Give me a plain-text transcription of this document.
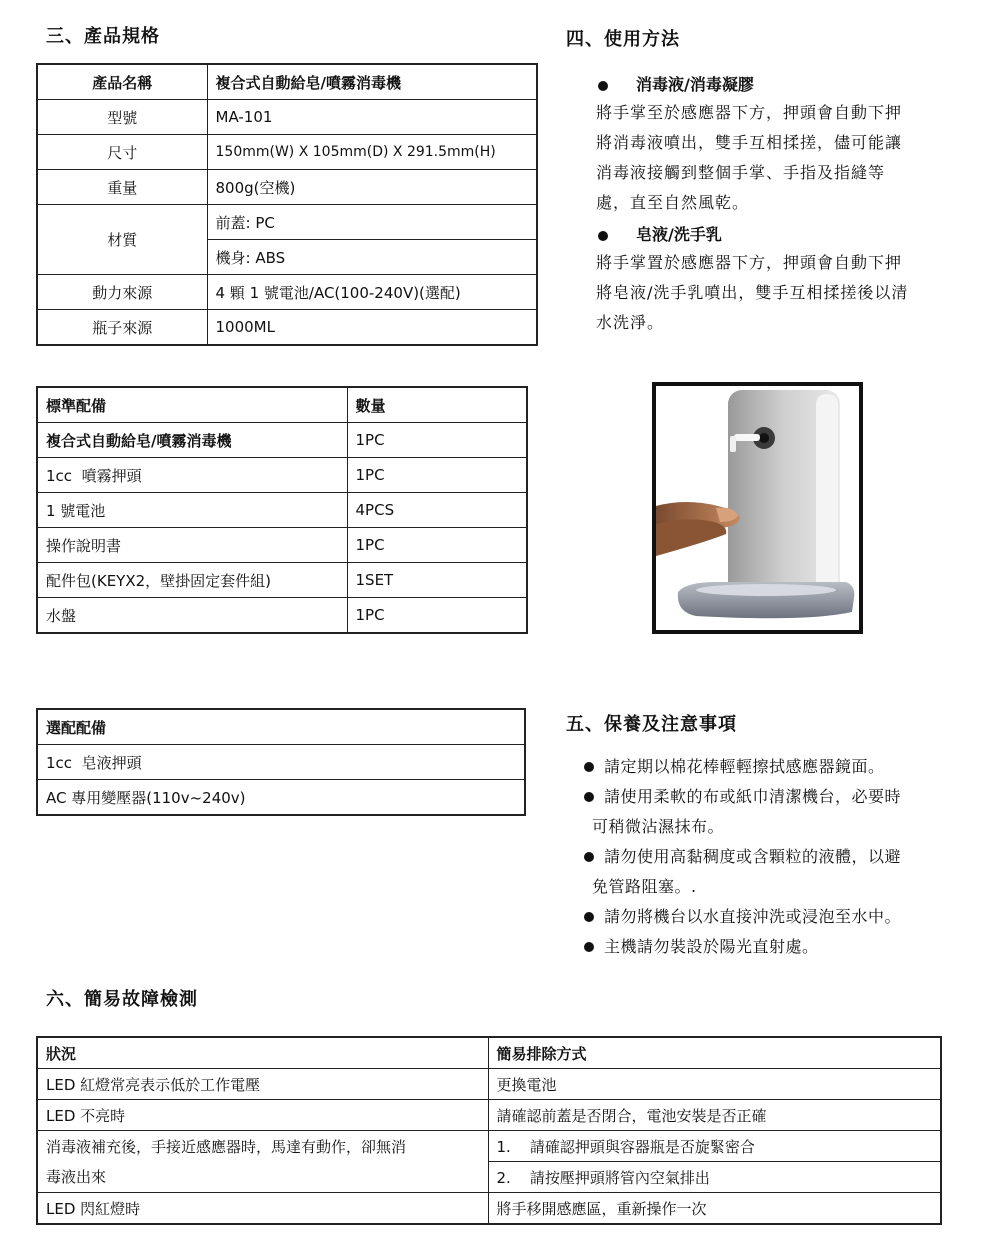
三、產品規格
產品名稱	複合式自動給皂/噴霧消毒機
型號	MA-101
尺寸	150mm(W) X 105mm(D) X 291.5mm(H)
重量	800g(空機)
材質	前蓋: PC
	機身: ABS
動力來源	4 顆 1 號電池/AC(100-240V)(選配)
瓶子來源	1000ML
標準配備	數量
複合式自動給皂/噴霧消毒機	1PC
1cc  噴霧押頭	1PC
1 號電池	4PCS
操作說明書	1PC
配件包(KEYX2，壁掛固定套件組)	1SET
水盤	1PC
選配配備
1cc  皂液押頭
AC 專用變壓器(110v~240v)
四、使用方法
消毒液/消毒凝膠

將手掌至於感應器下方，押頭會自動下押
將消毒液噴出，雙手互相揉搓，儘可能讓
消毒液接觸到整個手掌、手指及指縫等
處，直至自然風乾。

皂液/洗手乳

將手掌置於感應器下方，押頭會自動下押
將皂液/洗手乳噴出，雙手互相揉搓後以清
水洗淨。

五、保養及注意事項
請定期以棉花棒輕輕擦拭感應器鏡面。
請使用柔軟的布或紙巾清潔機台，必要時
可稍微沾濕抹布。
請勿使用高黏稠度或含顆粒的液體，以避
免管路阻塞。.
請勿將機台以水直接沖洗或浸泡至水中。
主機請勿裝設於陽光直射處。
六、簡易故障檢測
狀況	簡易排除方式
LED 紅燈常亮表示低於工作電壓	更換電池
LED 不亮時	請確認前蓋是否閉合，電池安裝是否正確
消毒液補充後，手接近感應器時，馬達有動作，卻無消	1.    請確認押頭與容器瓶是否旋緊密合
毒液出來	2.    請按壓押頭將管內空氣排出
LED 閃紅燈時	將手移開感應區，重新操作一次
